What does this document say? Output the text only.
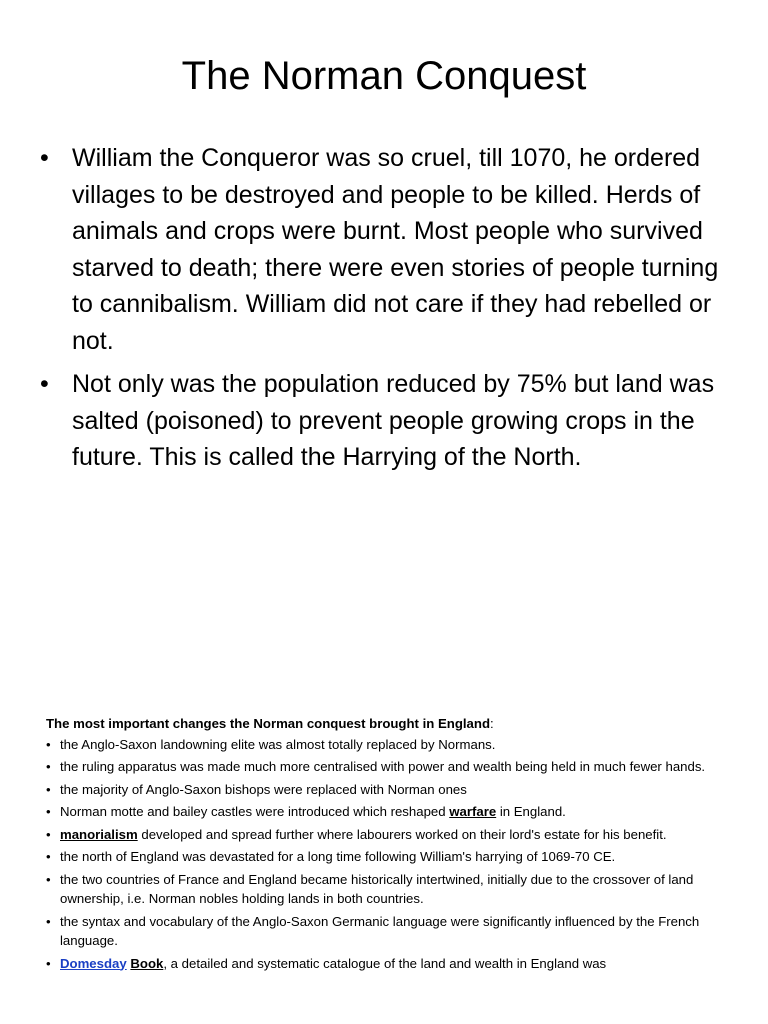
The Norman Conquest
• William the Conqueror was so cruel, till 1070, he ordered villages to be destroyed and people to be killed. Herds of animals and crops were burnt. Most people who survived starved to death; there were even stories of people turning to cannibalism. William did not care if they had rebelled or not.
• Not only was the population reduced by 75% but land was salted (poisoned) to prevent people growing crops in the future. This is called the Harrying of the North.
The most important changes the Norman conquest brought in England:
• the Anglo-Saxon landowning elite was almost totally replaced by Normans.
• the ruling apparatus was made much more centralised with power and wealth being held in much fewer hands.
• the majority of Anglo-Saxon bishops were replaced with Norman ones
• Norman motte and bailey castles were introduced which reshaped warfare in England.
• manorialism developed and spread further where labourers worked on their lord's estate for his benefit.
• the north of England was devastated for a long time following William's harrying of 1069-70 CE.
• the two countries of France and England became historically intertwined, initially due to the crossover of land ownership, i.e. Norman nobles holding lands in both countries.
• the syntax and vocabulary of the Anglo-Saxon Germanic language were significantly influenced by the French language.
• Domesday Book, a detailed and systematic catalogue of the land and wealth in England was
